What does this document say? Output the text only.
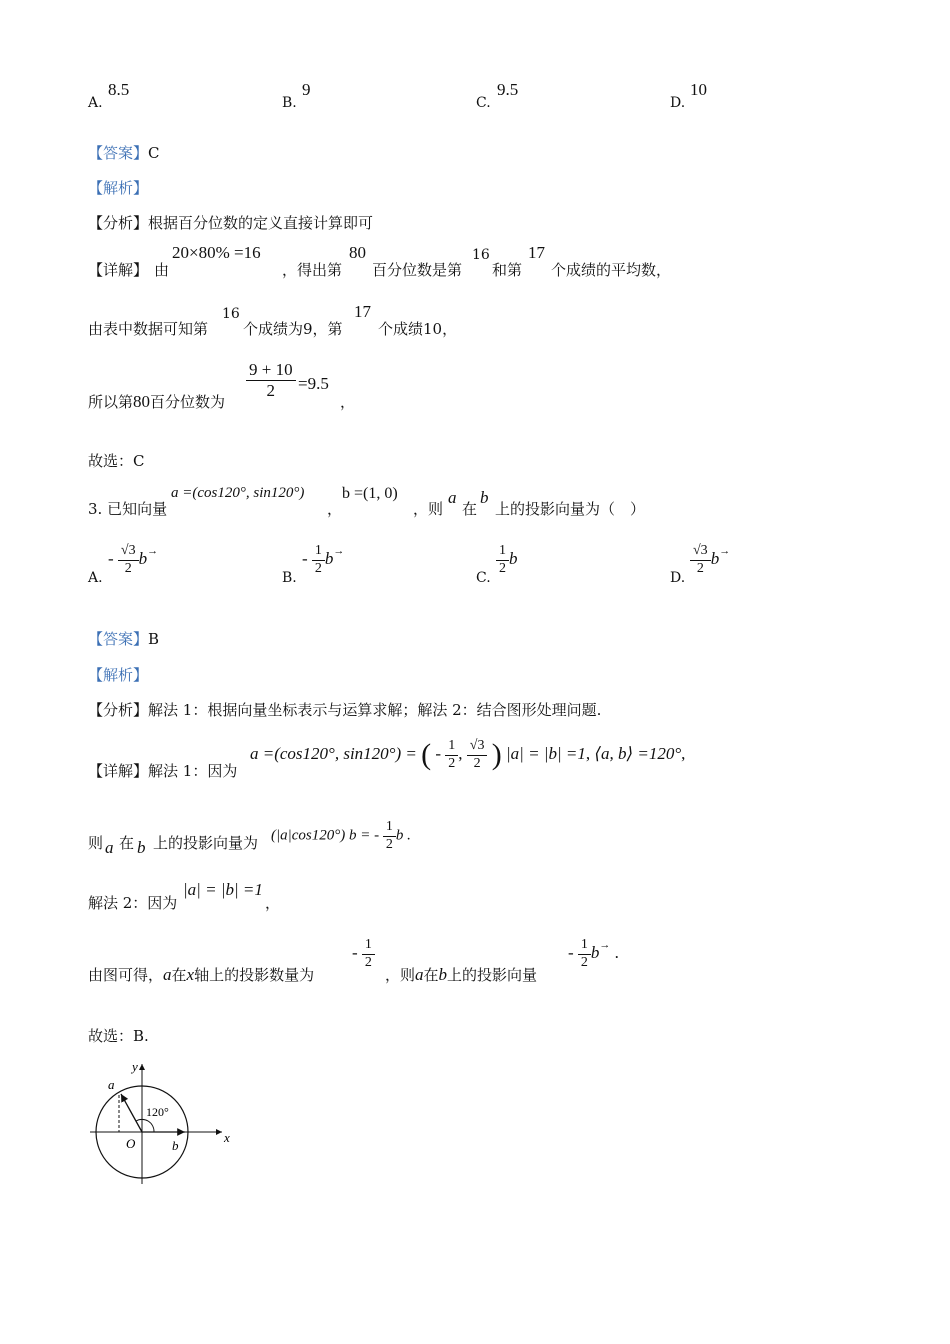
A.
8.5
B.
9
C.
9.5
D.
10
【答案】C
【解析】
【分析】根据百分位数的定义直接计算即可
【详解】 由
20×80% =16
，得出第
80
百分位数是第
16
和第
17
个成绩的平均数，
由表中数据可知第
16
个成绩为9，第
17
个成绩10，
所以第80百分位数为
$\frac{9 + 10}{2} =9.5$
，
故选：C
3. 已知向量
a =(cos120°, sin120°)
，
b =(1, 0)
，则
a
在
b
上的投影向量为（　）
A.
- $\frac{√3}{2} b^\to$
B.
- $\frac{1}{2} b^\to$
C.
$\frac{1}{2}$ b
D.
$\frac{√3}{2} b^\to$
【答案】B
【解析】
【分析】解法 1：根据向量坐标表示与运算求解；解法 2：结合图形处理问题.
【详解】解法 1：因为
a =(cos120°, sin120°) = ( - $\frac{1}{2}$ , $\frac{√3}{2}$ ) |a| = |b| =1, ⟨a, b⟩ =120°,
则 a 在 b 上的投影向量为 (|a|cos120°) b = - $\frac{1}{2}$ b .
解法 2：因为
|a| = |b| =1
，
由图可得，a在x轴上的投影数量为
- $\frac{1}{2}$
，则a在b上的投影向量
- $\frac{1}{2} b^\to$ .
故选：B.
x
y
O
a
b
120°
